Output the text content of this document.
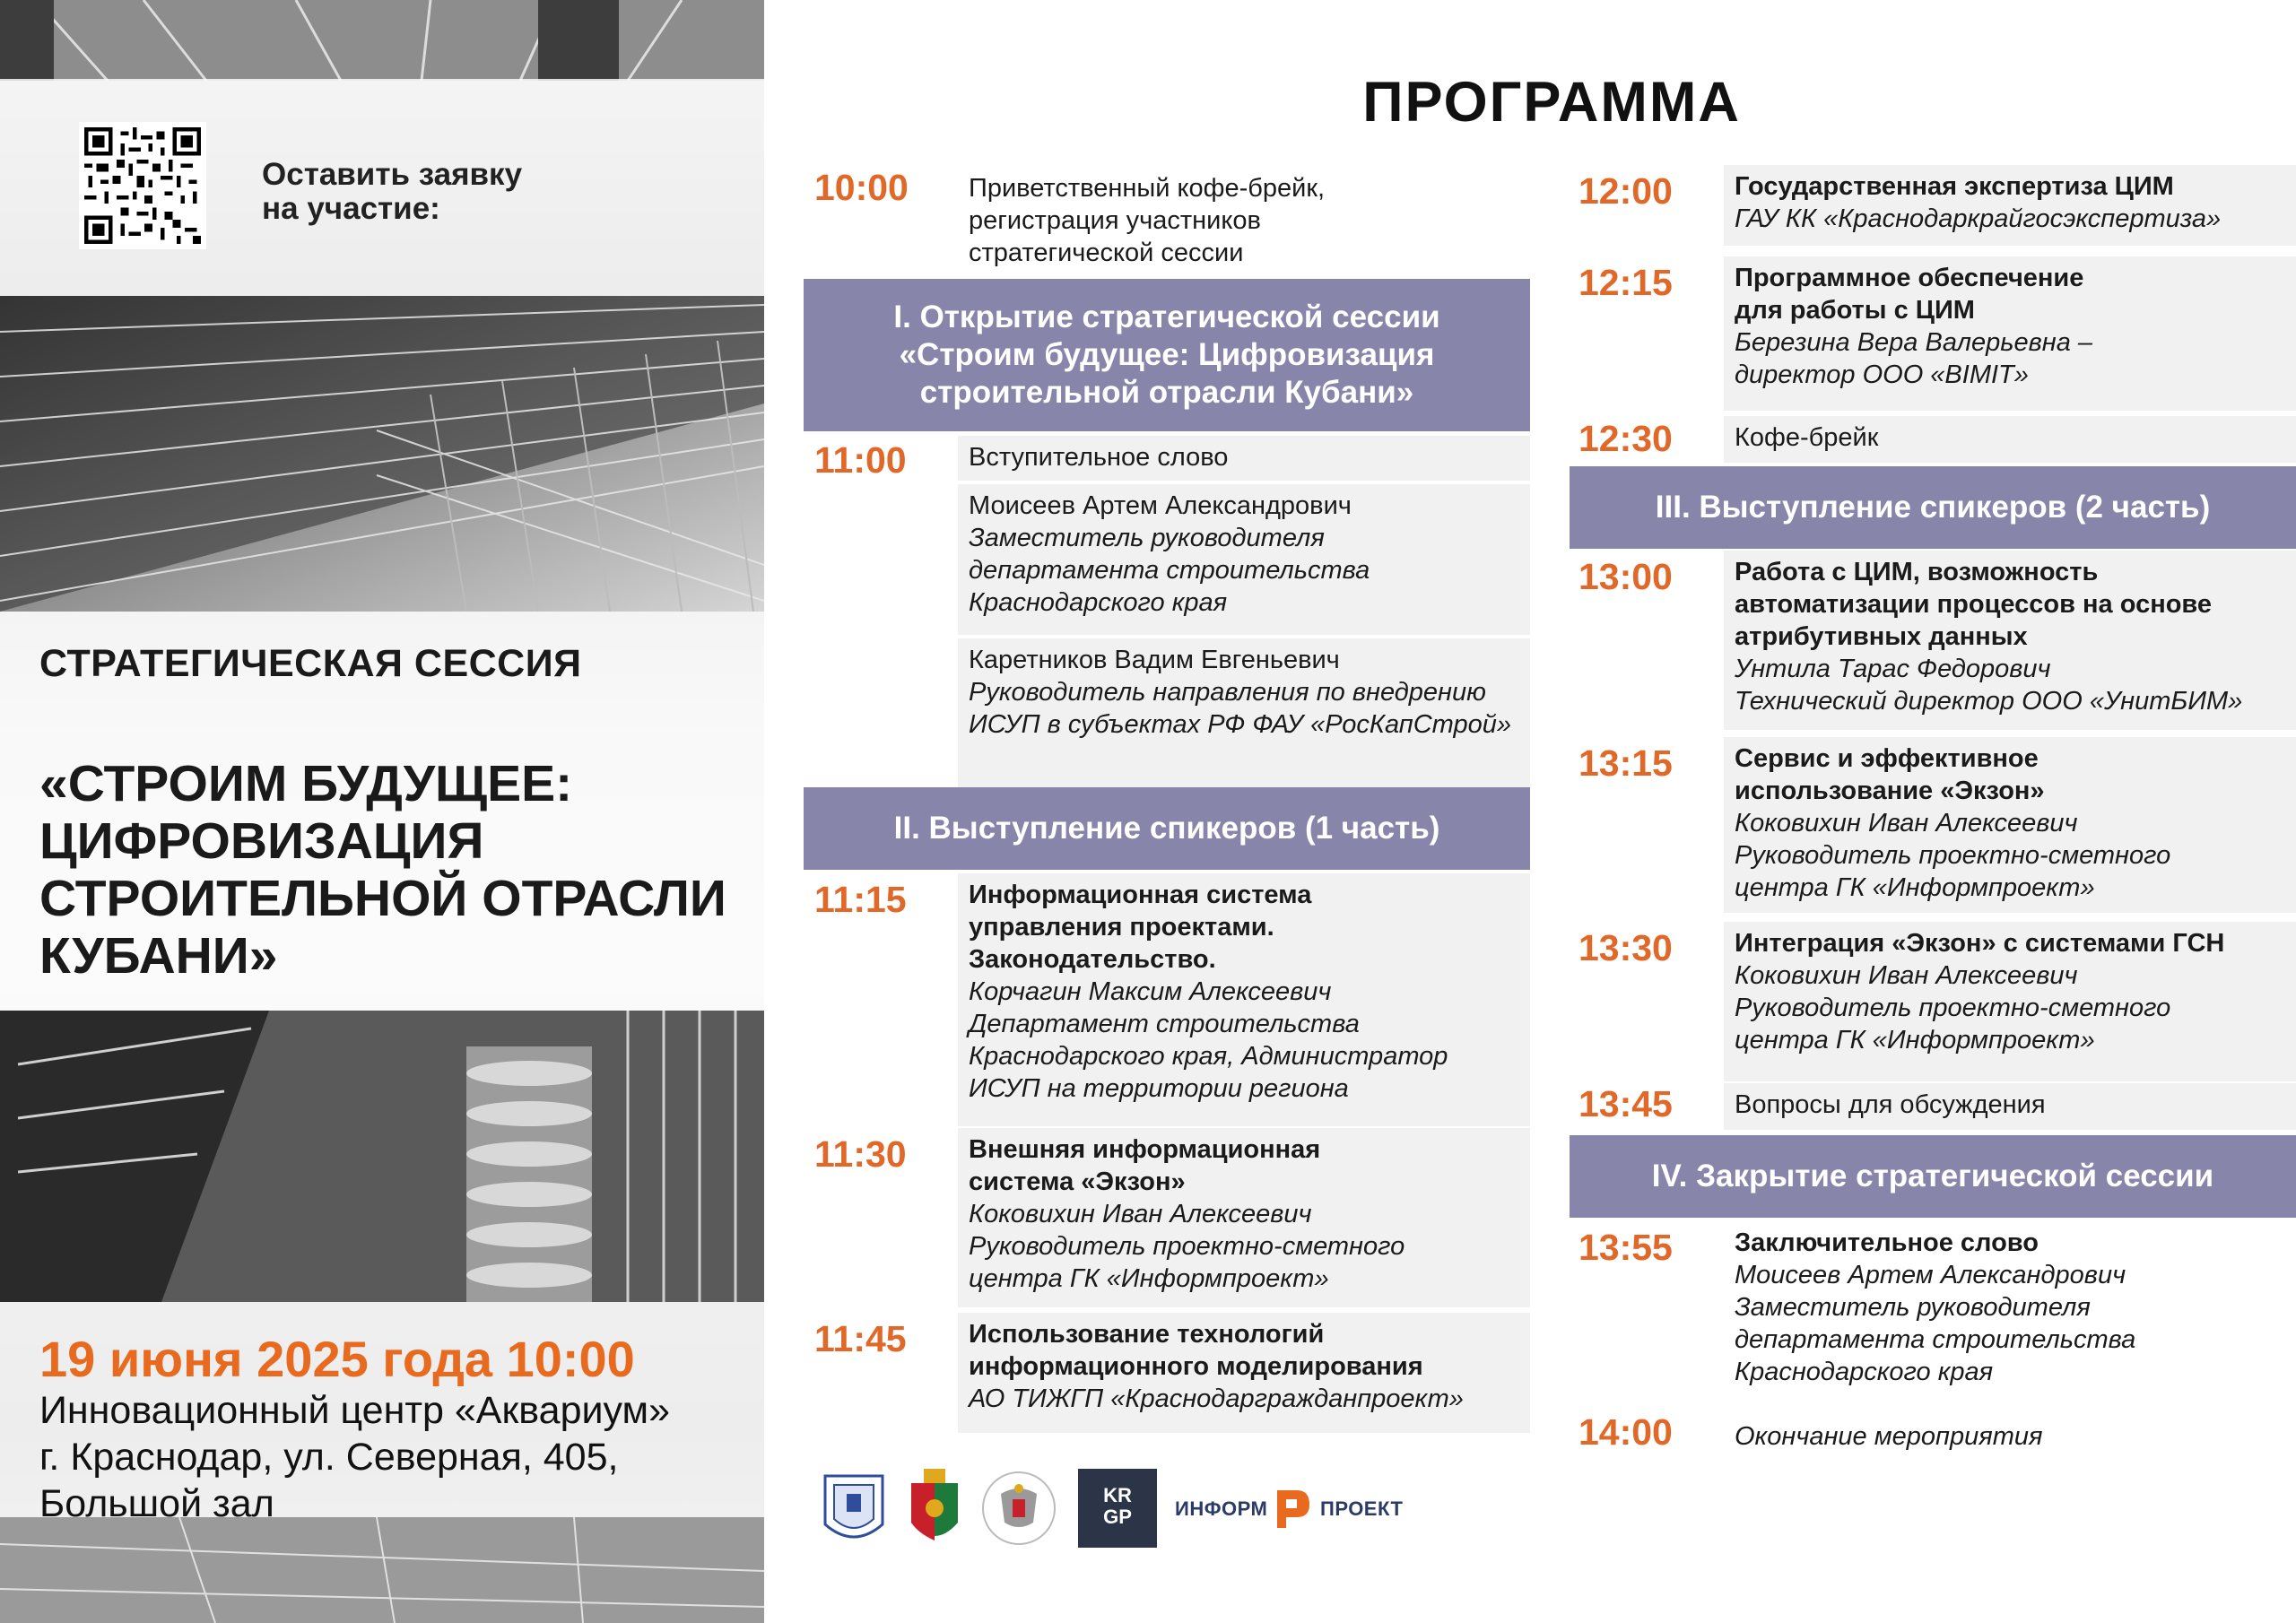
Оставить заявку на участие:
СТРАТЕГИЧЕСКАЯ СЕССИЯ
«СТРОИМ БУДУЩЕЕ: ЦИФРОВИЗАЦИЯ СТРОИТЕЛЬНОЙ ОТРАСЛИ КУБАНИ»
19 июня 2025 года 10:00
Инновационный центр «Аквариум»
г. Краснодар, ул. Северная, 405,
Большой зал
ПРОГРАММА
10:00	Приветственный кофе-брейк, регистрация участников стратегической сессии
I. Открытие стратегической сессии «Строим будущее: Цифровизация строительной отрасли Кубани»
11:00	Вступительное слово
Моисеев Артем Александрович
Заместитель руководителя департамента строительства Краснодарского края
Каретников Вадим Евгеньевич
Руководитель направления по внедрению ИСУП в субъектах РФ ФАУ «РосКапСтрой»
II. Выступление спикеров (1 часть)
11:15 Информационная система управления проектами. Законодательство.
Корчагин Максим Алексеевич
Департамент строительства Краснодарского края, Администратор ИСУП на территории региона
11:30 Внешняя информационная система «Экзон»
Коковихин Иван Алексеевич
Руководитель проектно-сметного центра ГК «Информпроект»
11:45 Использование технологий информационного моделирования
АО ТИЖГП «Краснодаргражданпроект»
12:00 Государственная экспертиза ЦИМ
ГАУ КК «Краснодаркрайгосэкспертиза»
12:15 Программное обеспечение для работы с ЦИМ
Березина Вера Валерьевна – директор ООО «BIMIT»
12:30	Кофе-брейк
III. Выступление спикеров (2 часть)
13:00 Работа с ЦИМ, возможность автоматизации процессов на основе атрибутивных данных
Унтила Тарас Федорович
Технический директор ООО «УнитБИМ»
13:15 Сервис и эффективное использование «Экзон»
Коковихин Иван Алексеевич
Руководитель проектно-сметного центра ГК «Информпроект»
13:30 Интеграция «Экзон» с системами ГСН
Коковихин Иван Алексеевич
Руководитель проектно-сметного центра ГК «Информпроект»
13:45	Вопросы для обсуждения
IV. Закрытие стратегической сессии
13:55 Заключительное слово
Моисеев Артем Александрович
Заместитель руководителя департамента строительства Краснодарского края
14:00	Окончание мероприятия
KR
GP	ИНФОРМ	ПРОЕКТ
